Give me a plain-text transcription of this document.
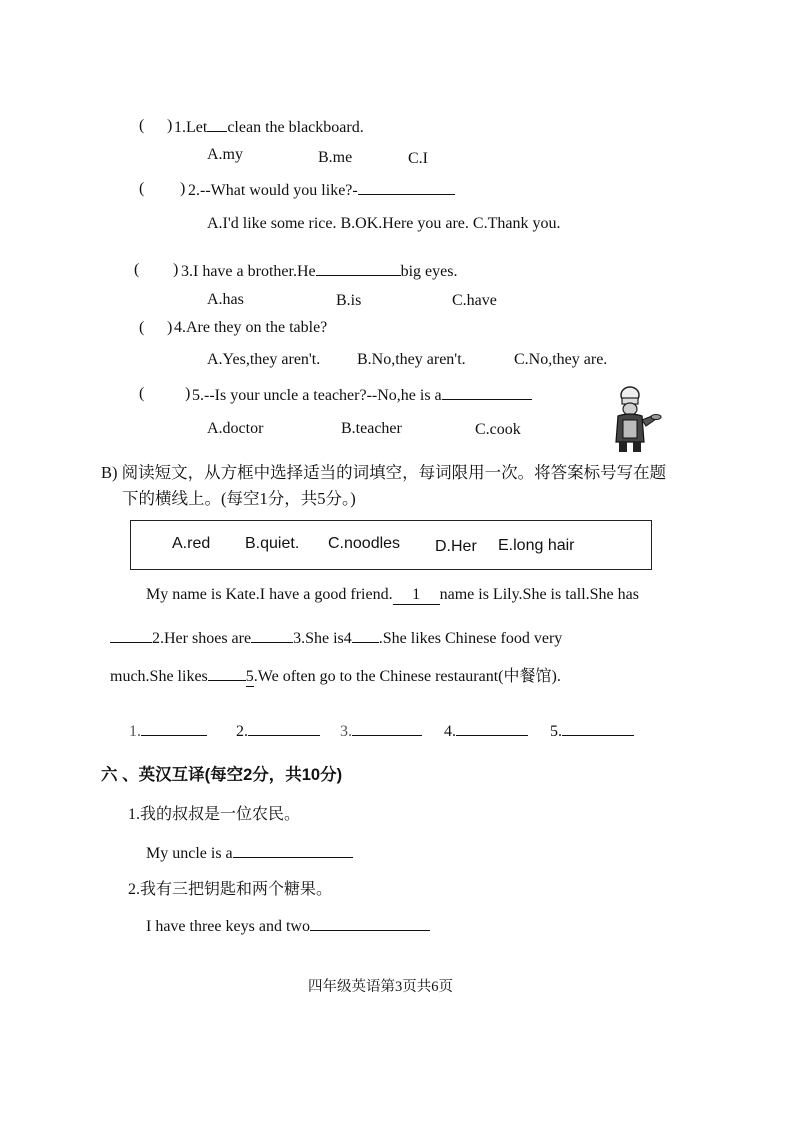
( ) 1.Let clean the blackboard.
A.my	B.me	C.I
( ) 2.--What would you like?-
A.I'd like some rice. B.OK.Here you are. C.Thank you.
( ) 3.I have a brother.He	big eyes.
A.has	B.is	C.have
( ) 4.Are they on the table?
A.Yes,they aren't. B.No,they aren't.	C.No,they are.
(	) 5.--Is your uncle a teacher?--No,he is a
A.doctor	B.teacher	C.cook
B) 阅读短文，从方框中选择适当的词填空，每词限用一次。将答案标号写在题
下的横线上。(每空1分，共5分。)
A.red B.quiet. C.noodles D.Her E.long hair
My name is Kate.I have a good friend. 1 name is Lily.She is tall.She has
2.Her shoes are	3.She is4 .She likes Chinese food very
much.She likes 5.We often go to the Chinese restaurant(中餐馆).
1.	2.	3.	4.	5.
六 、英汉互译(每空2分，共10分)
1.我的叔叔是一位农民。
My uncle is a
2.我有三把钥匙和两个糖果。
I have three keys and two
四年级英语第3页共6页
